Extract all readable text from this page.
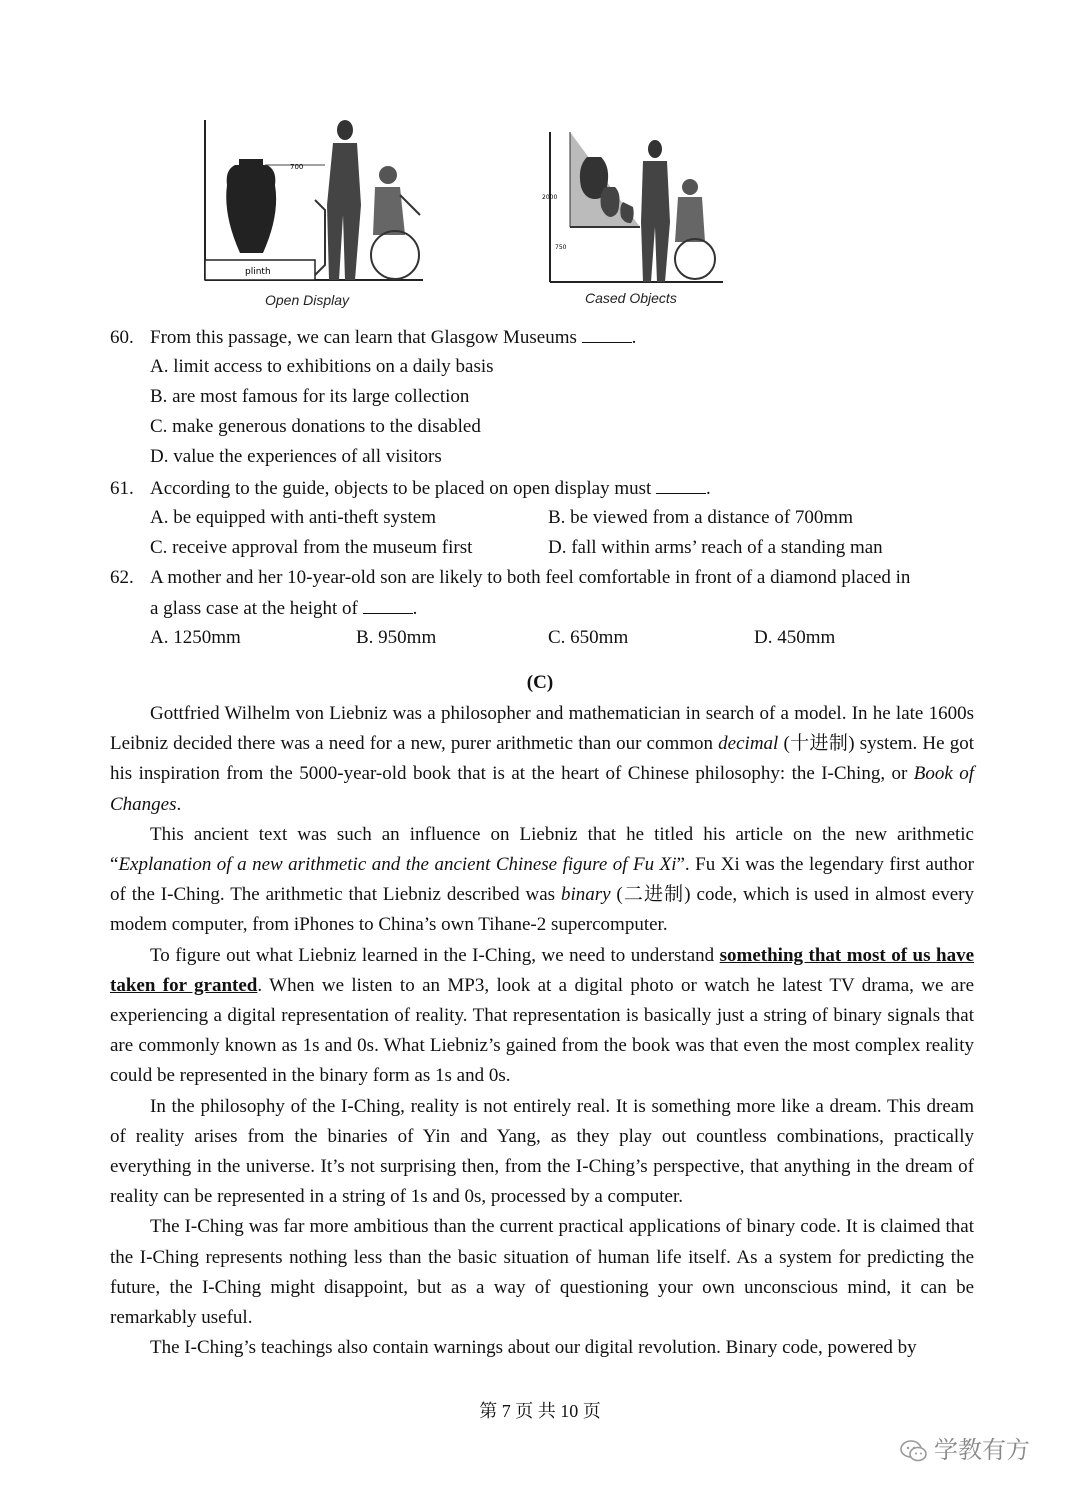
plinth
700
Open Display
2000
750
Cased Objects
60. From this passage, we can learn that Glasgow Museums	.
A. limit access to exhibitions on a daily basis
B. are most famous for its large collection
C. make generous donations to the disabled
D. value the experiences of all visitors
61. According to the guide, objects to be placed on open display must	.
A. be equipped with anti-theft system	B. be viewed from a distance of 700mm
C. receive approval from the museum first	D. fall within arms’ reach of a standing man
62. A mother and her 10-year-old son are likely to both feel comfortable in front of a diamond placed in
a glass case at the height of	.
A. 1250mm	B. 950mm	C. 650mm	D. 450mm
(C)

Gottfried Wilhelm von Liebniz was a philosopher and mathematician in search of a model. In he late 1600s Leibniz decided there was a need for a new, purer arithmetic than our common decimal (十进制) system. He got his inspiration from the 5000-year-old book that is at the heart of Chinese philosophy: the I-Ching, or Book of Changes.

This ancient text was such an influence on Liebniz that he titled his article on the new arithmetic “Explanation of a new arithmetic and the ancient Chinese figure of Fu Xi”. Fu Xi was the legendary first author of the I-Ching. The arithmetic that Liebniz described was binary (二进制) code, which is used in almost every modem computer, from iPhones to China’s own Tihane-2 supercomputer.

To figure out what Liebniz learned in the I-Ching, we need to understand something that most of us have taken for granted. When we listen to an MP3, look at a digital photo or watch he latest TV drama, we are experiencing a digital representation of reality. That representation is basically just a string of binary signals that are commonly known as 1s and 0s. What Liebniz’s gained from the book was that even the most complex reality could be represented in the binary form as 1s and 0s.

In the philosophy of the I-Ching, reality is not entirely real. It is something more like a dream. This dream of reality arises from the binaries of Yin and Yang, as they play out countless combinations, practically everything in the universe. It’s not surprising then, from the I-Ching’s perspective, that anything in the dream of reality can be represented in a string of 1s and 0s, processed by a computer.

The I-Ching was far more ambitious than the current practical applications of binary code. It is claimed that the I-Ching represents nothing less than the basic situation of human life itself. As a system for predicting the future, the I-Ching might disappoint, but as a way of questioning your own unconscious mind, it can be remarkably useful.

The I-Ching’s teachings also contain warnings about our digital revolution. Binary code, powered by

第 7 页 共 10 页
学教有方
